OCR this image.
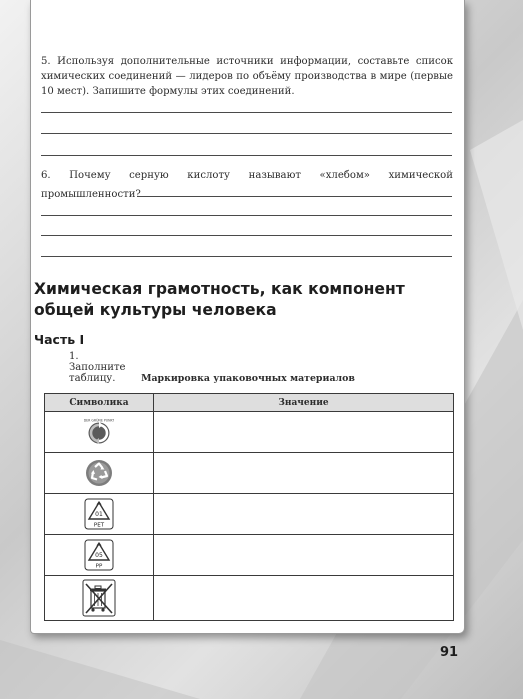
5. Используя дополнительные источники информации, составьте список химических соединений — лидеров по объёму производства в мире (первые 10 мест). Запишите формулы этих соединений.
6. Почему серную кислоту называют «хлебом» химической промышленности?
Химическая грамотность, как компонент общей культуры человека
Часть I
1. Заполните таблицу.	Маркировка упаковочных материалов
Символика	Значение

DER GRÜNE PUNKT	

01
PET	

05
PP	

91
